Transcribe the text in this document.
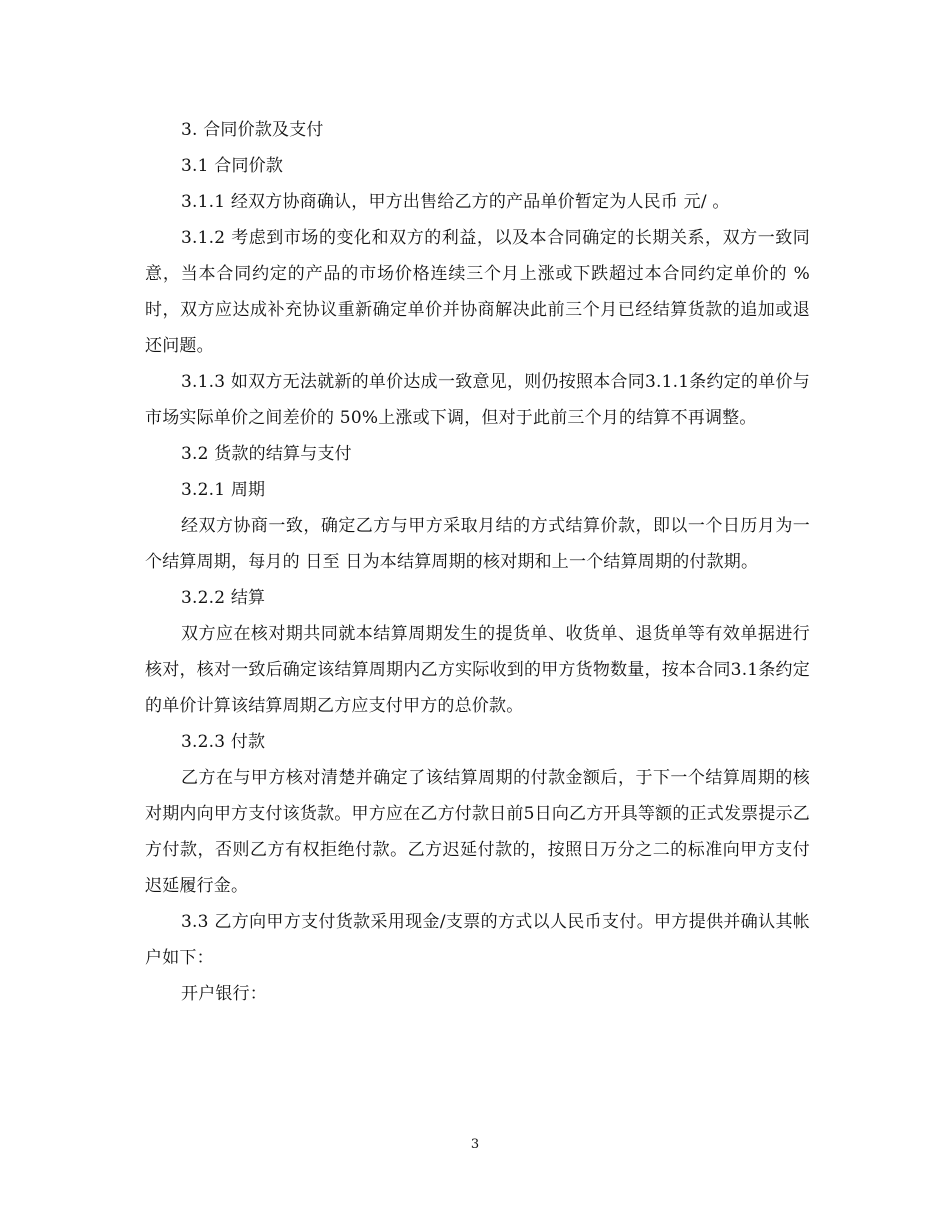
3. 合同价款及支付

3.1 合同价款

3.1.1 经双方协商确认，甲方出售给乙方的产品单价暂定为人民币 元/ 。

3.1.2 考虑到市场的变化和双方的利益，以及本合同确定的长期关系，双方一致同意，当本合同约定的产品的市场价格连续三个月上涨或下跌超过本合同约定单价的 %时，双方应达成补充协议重新确定单价并协商解决此前三个月已经结算货款的追加或退还问题。

3.1.3 如双方无法就新的单价达成一致意见，则仍按照本合同3.1.1条约定的单价与市场实际单价之间差价的 50%上涨或下调，但对于此前三个月的结算不再调整。

3.2 货款的结算与支付

3.2.1 周期

经双方协商一致，确定乙方与甲方采取月结的方式结算价款，即以一个日历月为一个结算周期，每月的 日至 日为本结算周期的核对期和上一个结算周期的付款期。

3.2.2 结算

双方应在核对期共同就本结算周期发生的提货单、收货单、退货单等有效单据进行核对，核对一致后确定该结算周期内乙方实际收到的甲方货物数量，按本合同3.1条约定的单价计算该结算周期乙方应支付甲方的总价款。

3.2.3 付款

乙方在与甲方核对清楚并确定了该结算周期的付款金额后，于下一个结算周期的核对期内向甲方支付该货款。甲方应在乙方付款日前5日向乙方开具等额的正式发票提示乙方付款，否则乙方有权拒绝付款。乙方迟延付款的，按照日万分之二的标准向甲方支付迟延履行金。

3.3 乙方向甲方支付货款采用现金/支票的方式以人民币支付。甲方提供并确认其帐户如下：

开户银行：

3
